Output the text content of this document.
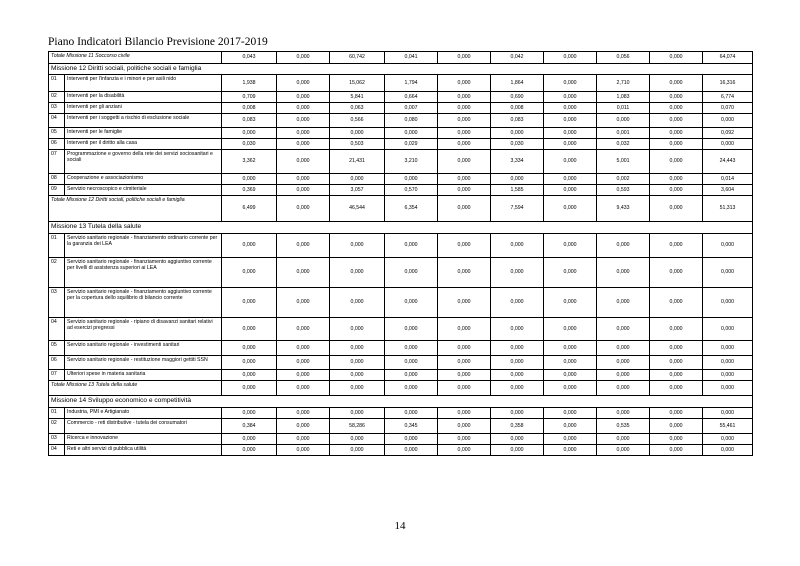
Piano Indicatori Bilancio Previsione 2017-2019
Totale Missione 11 Soccorso civile		0,043	0,000	60,742	0,041	0,000	0,042	0,000	0,056	0,000	64,074
Missione 12 Diritti sociali, politiche sociali e famiglia											
01	Interventi per l'infanzia e i minori e per asili nido	1,938	0,000	15,062	1,794	0,000	1,864	0,000	2,710	0,000	16,316
02	Interventi per la disabilità	0,709	0,000	5,841	0,664	0,000	0,690	0,000	1,083	0,000	6,774
03	Interventi per gli anziani	0,008	0,000	0,063	0,007	0,000	0,008	0,000	0,011	0,000	0,070
04	Interventi per i soggetti a rischio di esclusione sociale	0,083	0,000	0,566	0,080	0,000	0,083	0,000	0,000	0,000	0,000
05	Interventi per le famiglie	0,000	0,000	0,000	0,000	0,000	0,000	0,000	0,001	0,000	0,092
06	Interventi per il diritto alla casa	0,030	0,000	0,503	0,029	0,000	0,030	0,000	0,032	0,000	0,000
07	Programmazione e governo della rete dei servizi sociosanitari e sociali	3,362	0,000	21,431	3,210	0,000	3,334	0,000	5,001	0,000	24,443
08	Cooperazione e associazionismo	0,000	0,000	0,000	0,000	0,000	0,000	0,000	0,002	0,000	0,014
09	Servizio necroscopico e cimiteriale	0,369	0,000	3,057	0,570	0,000	1,585	0,000	0,593	0,000	3,604
Totale Missione 12 Diritti sociali, politiche sociali e famiglia		6,499	0,000	46,544	6,354	0,000	7,594	0,000	9,433	0,000	51,313
Missione 13 Tutela della salute											
01	Servizio sanitario regionale - finanziamento ordinario corrente per la garanzia dei LEA	0,000	0,000	0,000	0,000	0,000	0,000	0,000	0,000	0,000	0,000
02	Servizio sanitario regionale - finanziamento aggiuntivo corrente per livelli di assistenza superiori ai LEA	0,000	0,000	0,000	0,000	0,000	0,000	0,000	0,000	0,000	0,000
03	Servizio sanitario regionale - finanziamento aggiuntivo corrente per la copertura dello squilibrio di bilancio corrente	0,000	0,000	0,000	0,000	0,000	0,000	0,000	0,000	0,000	0,000
04	Servizio sanitario regionale - ripiano di disavanzi sanitari relativi ad esercizi pregressi	0,000	0,000	0,000	0,000	0,000	0,000	0,000	0,000	0,000	0,000
05	Servizio sanitario regionale - investimenti sanitari	0,000	0,000	0,000	0,000	0,000	0,000	0,000	0,000	0,000	0,000
06	Servizio sanitario regionale - restituzione maggiori gettiti SSN	0,000	0,000	0,000	0,000	0,000	0,000	0,000	0,000	0,000	0,000
07	Ulteriori spese in materia sanitaria	0,000	0,000	0,000	0,000	0,000	0,000	0,000	0,000	0,000	0,000
Totale Missione 13 Tutela della salute		0,000	0,000	0,000	0,000	0,000	0,000	0,000	0,000	0,000	0,000
Missione 14 Sviluppo economico e competitività											
01	Industria, PMI e Artigianato	0,000	0,000	0,000	0,000	0,000	0,000	0,000	0,000	0,000	0,000
02	Commercio - reti distributive - tutela dei consumatori	0,384	0,000	58,286	0,345	0,000	0,358	0,000	0,535	0,000	55,461
03	Ricerca e innovazione	0,000	0,000	0,000	0,000	0,000	0,000	0,000	0,000	0,000	0,000
04	Reti e altri servizi di pubblica utilità	0,000	0,000	0,000	0,000	0,000	0,000	0,000	0,000	0,000	0,000
14
